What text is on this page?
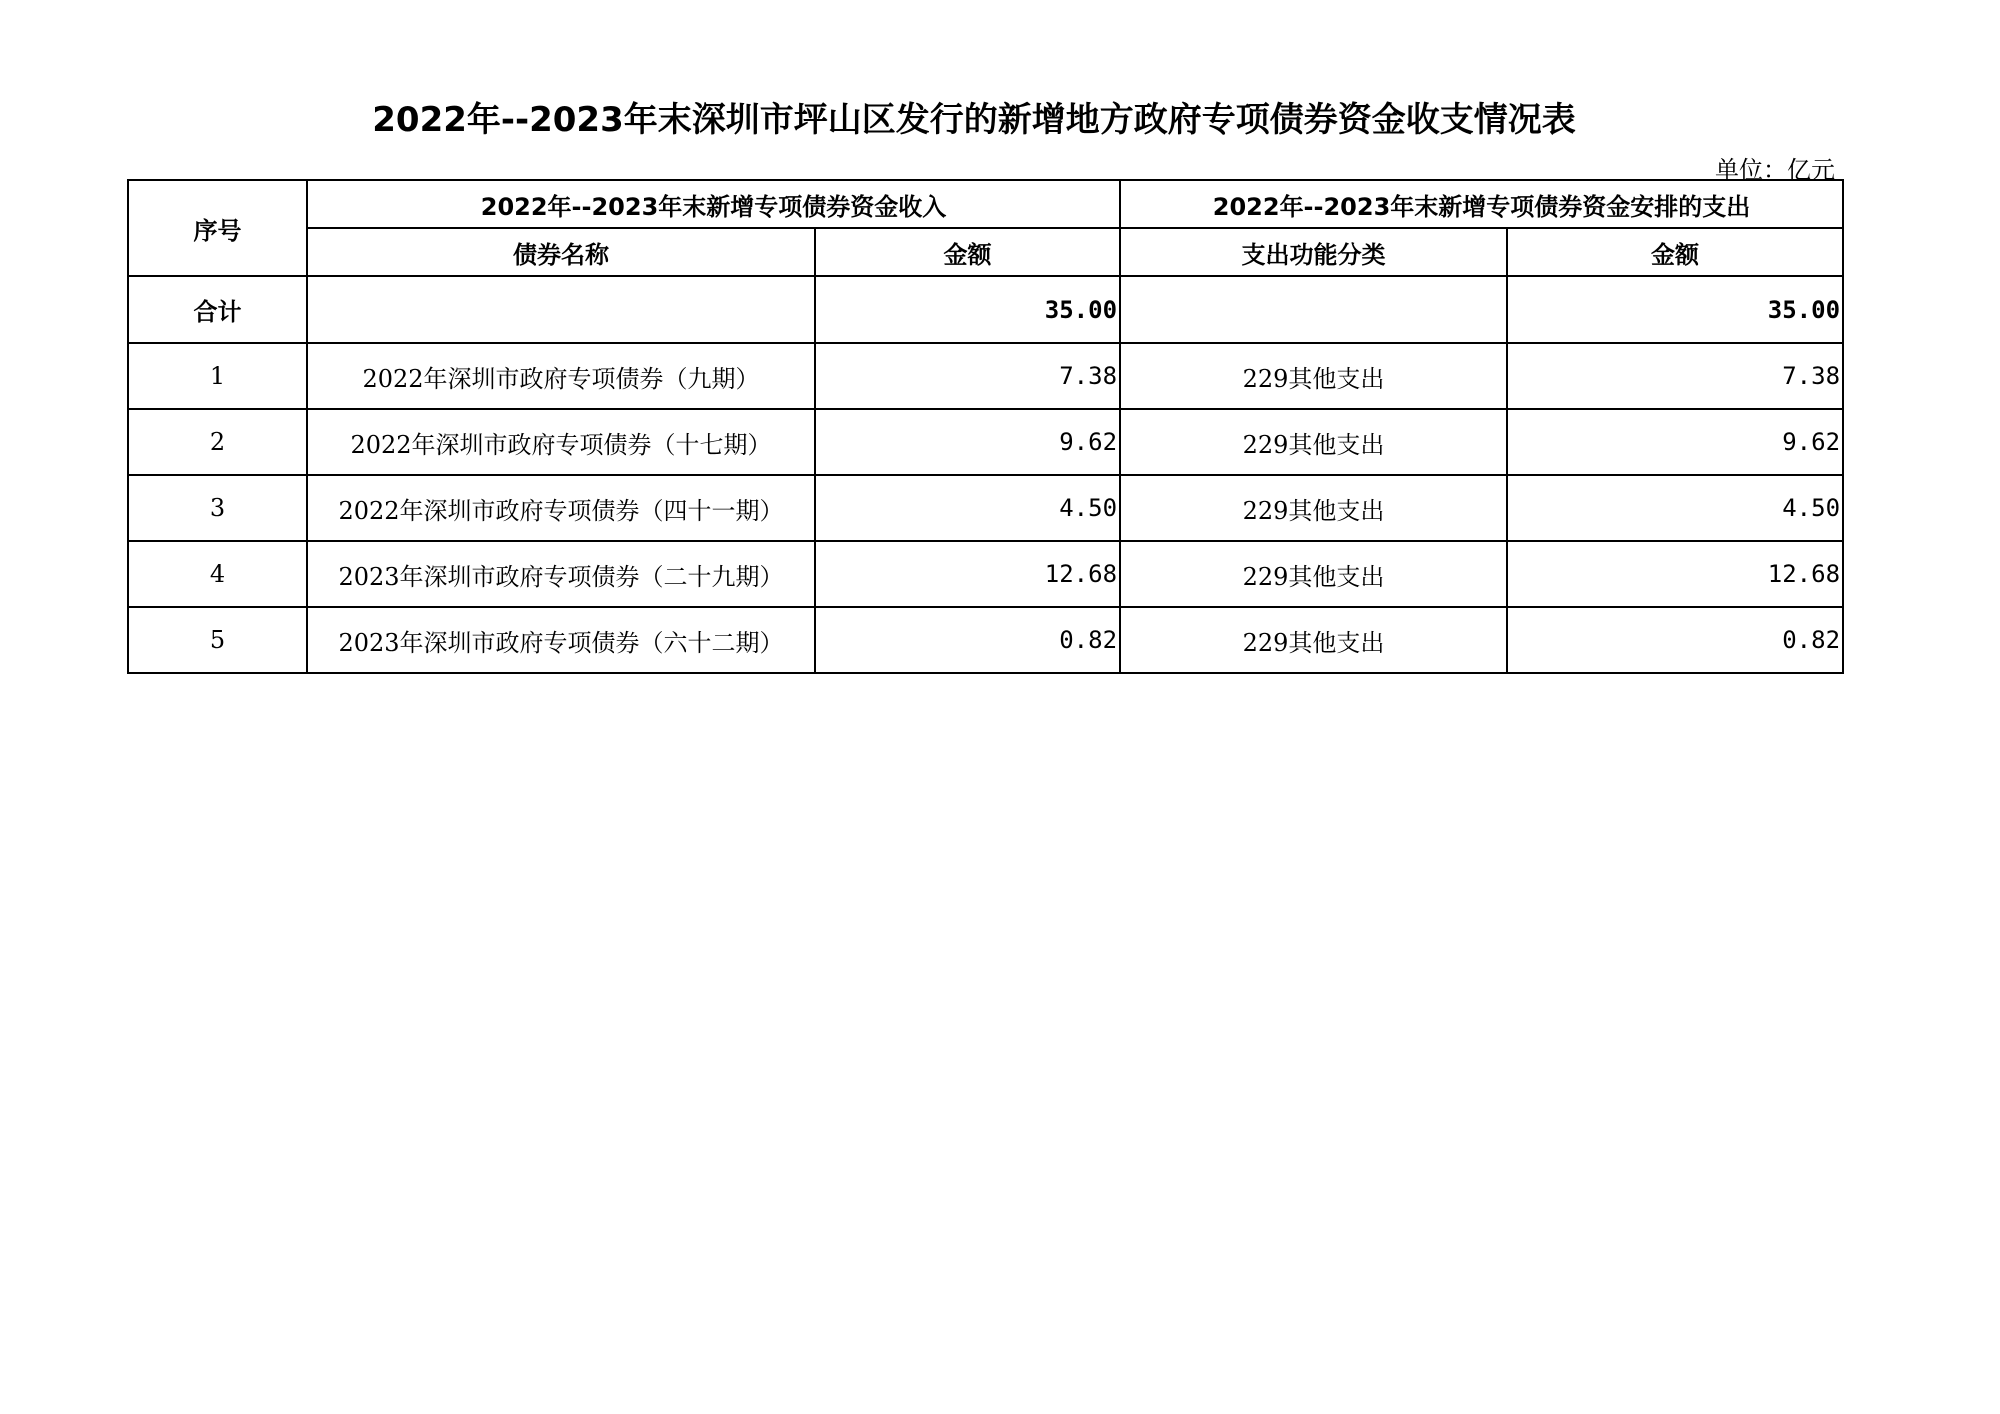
2022年--2023年末深圳市坪山区发行的新增地方政府专项债券资金收支情况表
单位：亿元
序号	2022年--2023年末新增专项债券资金收入		2022年--2023年末新增专项债券资金安排的支出	
	债券名称	金额	支出功能分类	金额
合计		35.00		35.00
1	2022年深圳市政府专项债券（九期）	7.38	229其他支出	7.38
2	2022年深圳市政府专项债券（十七期）	9.62	229其他支出	9.62
3	2022年深圳市政府专项债券（四十一期）	4.50	229其他支出	4.50
4	2023年深圳市政府专项债券（二十九期）	12.68	229其他支出	12.68
5	2023年深圳市政府专项债券（六十二期）	0.82	229其他支出	0.82
